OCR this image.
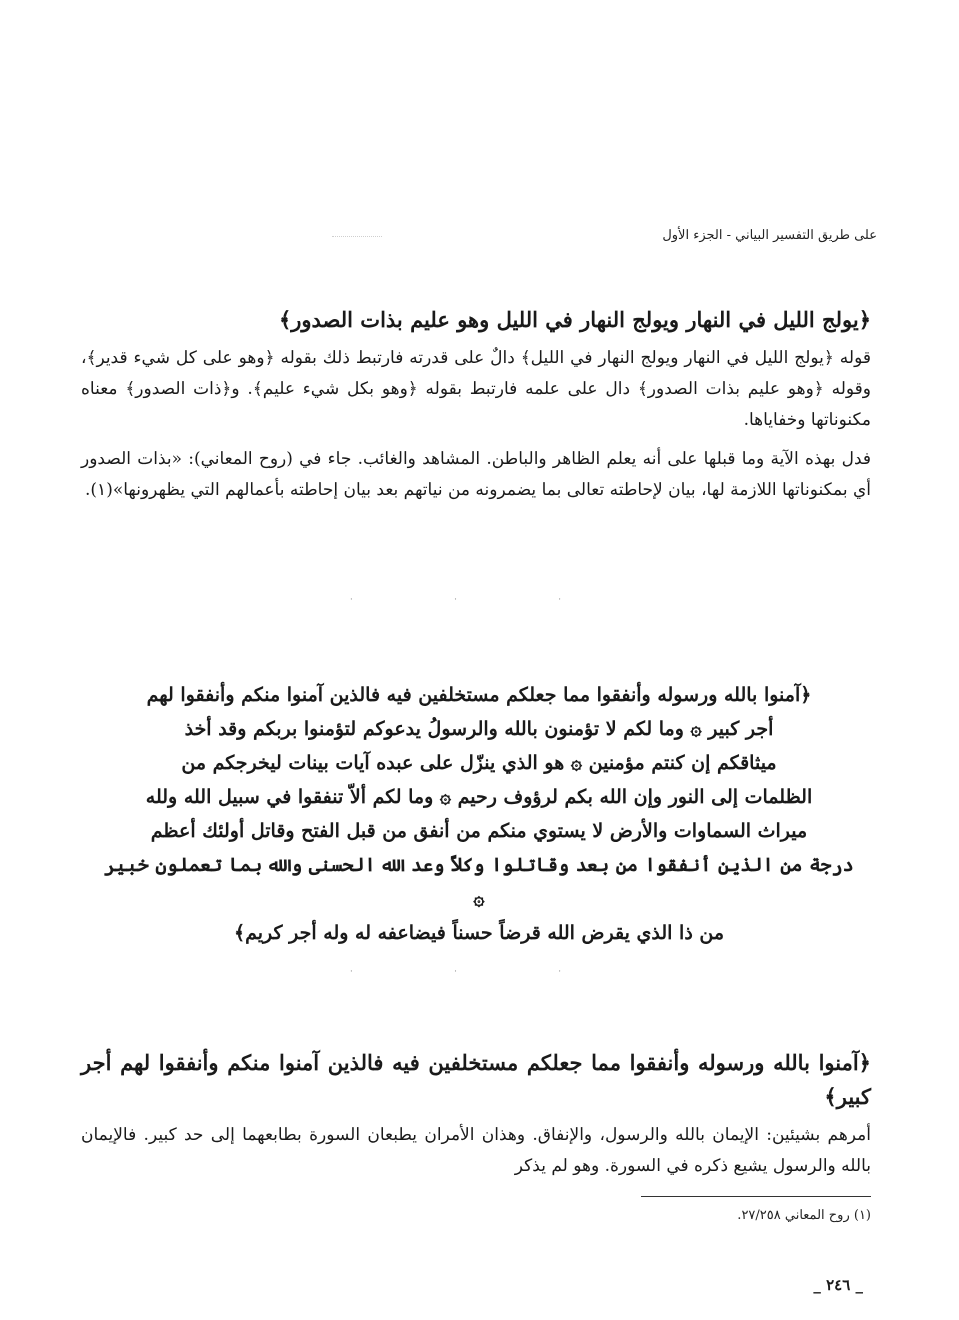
على طريق التفسير البياني - الجزء الأول

﴿يولج الليل في النهار ويولج النهار في الليل وهو عليم بذات الصدور﴾

قوله ﴿يولج الليل في النهار ويولج النهار في الليل﴾ دالٌ على قدرته فارتبط ذلك بقوله ﴿وهو على كل شيء قدير﴾، وقوله ﴿وهو عليم بذات الصدور﴾ دال على علمه فارتبط بقوله ﴿وهو بكل شيء عليم﴾. و﴿ذات الصدور﴾ معناه مكنوناتها وخفاياها.

فدل بهذه الآية وما قبلها على أنه يعلم الظاهر والباطن. المشاهد والغائب. جاء في (روح المعاني): «بذات الصدور أي بمكنوناتها اللازمة لها، بيان لإحاطته تعالى بما يضمرونه من نياتهم بعد بيان إحاطته بأعمالهم التي يظهرونها»(١).

˙ ˙ ˙

﴿آمنوا بالله ورسوله وأنفقوا مما جعلكم مستخلفين فيه فالذين آمنوا منكم وأنفقوا لهم

أجر كبير ۞ وما لكم لا تؤمنون بالله والرسولُ يدعوكم لتؤمنوا بربكم وقد أخذ

ميثاقكم إن كنتم مؤمنين ۞ هو الذي ينزّل على عبده آيات بينات ليخرجكم من

الظلمات إلى النور وإن الله بكم لرؤوف رحيم ۞ وما لكم ألاّ تنفقوا في سبيل الله ولله

ميراث السماوات والأرض لا يستوي منكم من أنفق من قبل الفتح وقاتل أولئك أعظم

درجة من الذين أنفقوا من بعد وقاتلوا وكلاً وعد الله الحسنى والله بما تعملون خبير ۞

من ذا الذي يقرض الله قرضاً حسناً فيضاعفه له وله أجر كريم﴾

˙ ˙ ˙

﴿آمنوا بالله ورسوله وأنفقوا مما جعلكم مستخلفين فيه فالذين آمنوا منكم وأنفقوا لهم أجر كبير﴾

أمرهم بشيئين: الإيمان بالله والرسول، والإنفاق. وهذان الأمران يطبعان السورة بطابعهما إلى حد كبير. فالإيمان بالله والرسول يشيع ذكره في السورة. وهو لم يذكر

(١) روح المعاني ٢٧/٢٥٨.
_ ٢٤٦ _
